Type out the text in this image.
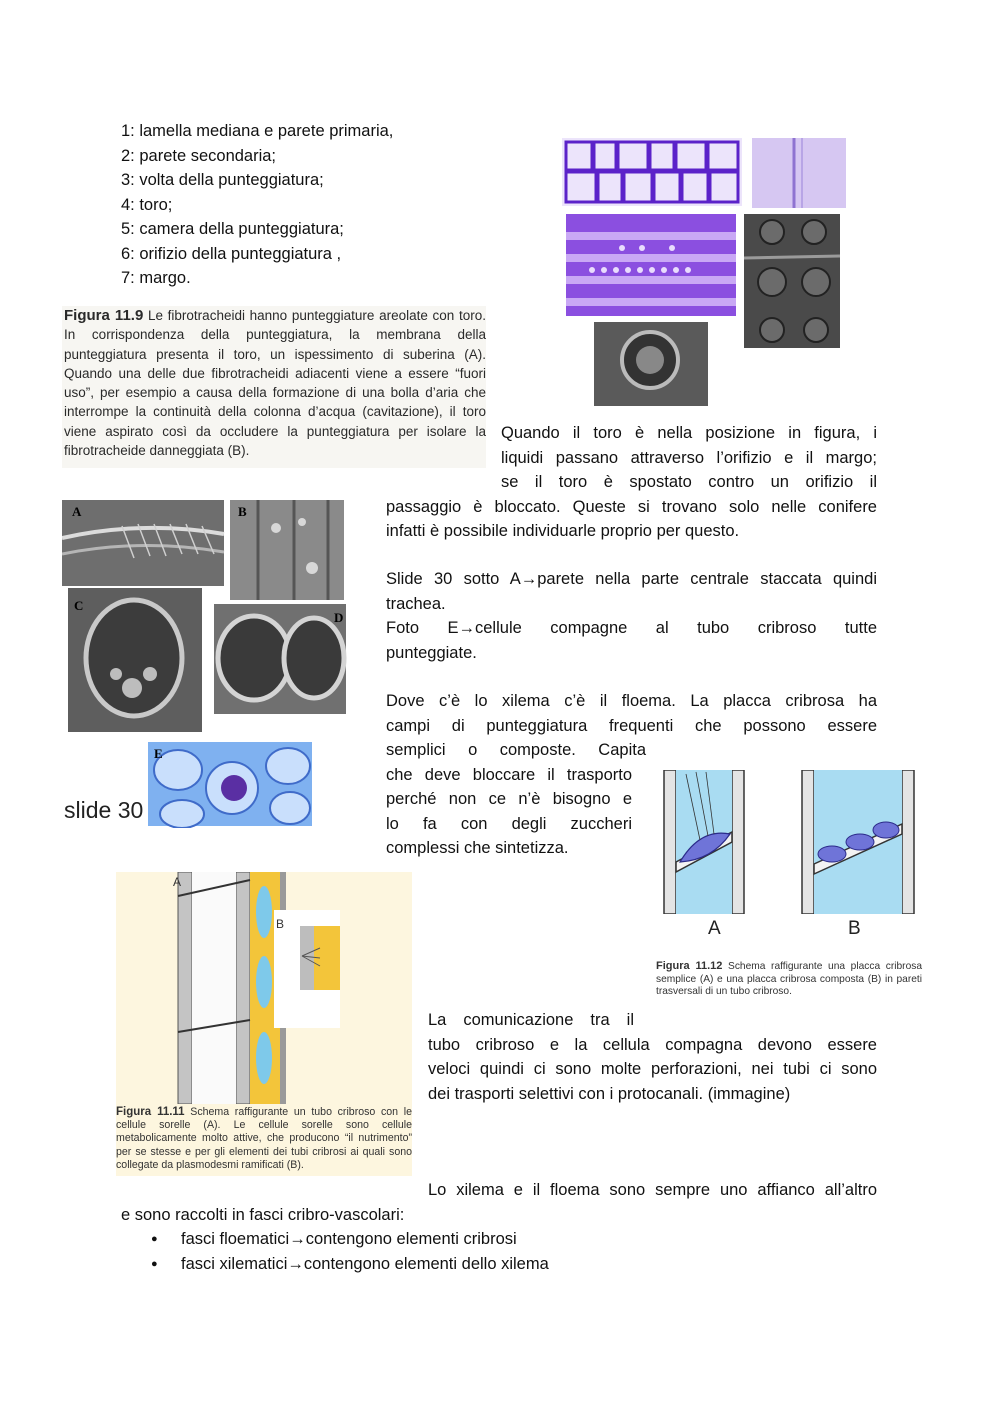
1: lamella mediana e parete primaria,
2: parete secondaria;
3: volta della punteggiatura;
4: toro;
5: camera della punteggiatura;
6: orifizio della punteggiatura ,
7: margo.
Figura 11.9 Le fibrotracheidi hanno punteggiature areolate con toro. In corrispondenza della punteggiatura, la membrana della punteggiatura presenta il toro, un ispessimento di suberina (A). Quando una delle due fibrotracheidi adiacenti viene a essere “fuori uso”, per esempio a causa della formazione di una bolla d’aria che interrompe la continuità della colonna d’acqua (cavitazione), il toro viene aspirato così da occludere la punteggiatura per isolare la fibrotracheide danneggiata (B).
Quando il toro è nella posizione in figura, i
liquidi passano attraverso l’orifizio e il margo;
se il toro è spostato contro un orifizio il
passaggio è bloccato. Queste si trovano solo nelle conifere
infatti è possibile individuarle proprio per questo.
A	B
C
D
E
slide 30
Slide 30 sotto A→parete nella parte centrale staccata quindi
trachea.
Foto E→cellule compagne al tubo cribroso tutte
punteggiate.
Dove c’è lo xilema c’è il floema. La placca cribrosa ha
campi di punteggiatura frequenti che possono essere
semplici o composte. Capita
che deve bloccare il trasporto
perché non ce n’è bisogno e
lo fa con degli zuccheri
complessi che sintetizza.
A	B
Figura 11.12 Schema raffigurante una placca cribrosa semplice (A) e una placca cribrosa composta (B) in pareti trasversali di un tubo cribroso.
A
B
Figura 11.11 Schema raffigurante un tubo cribroso con le cellule sorelle (A). Le cellule sorelle sono cellule metabolicamente molto attive, che producono “il nutrimento” per se stesse e per gli elementi dei tubi cribrosi ai quali sono collegate da plasmodesmi ramificati (B).
La comunicazione tra il
tubo cribroso e la cellula compagna devono essere
veloci quindi ci sono molte perforazioni, nei tubi ci sono
dei trasporti selettivi con i protocanali. (immagine)
Lo xilema e il floema sono sempre uno affianco all’altro
e sono raccolti in fasci cribro-vascolari:
● fasci floematici→contengono elementi cribrosi
● fasci xilematici→contengono elementi dello xilema
